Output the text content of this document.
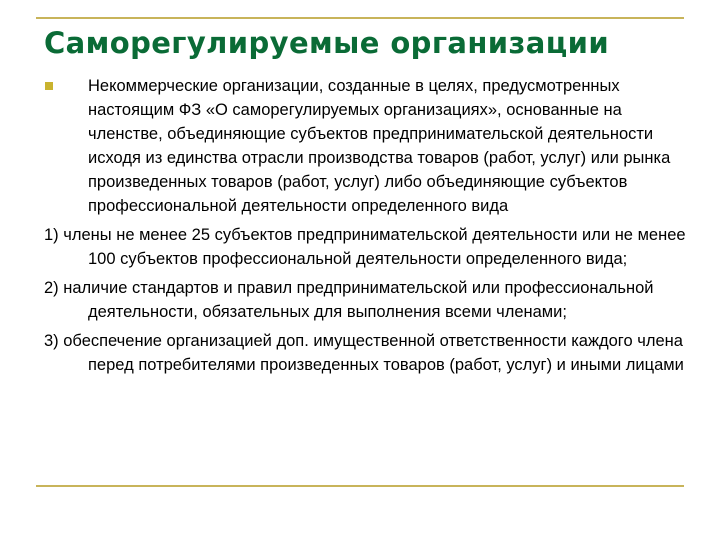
Саморегулируемые организации
Некоммерческие организации, созданные в целях, предусмотренных настоящим ФЗ «О саморегулируемых организациях», основанные на членстве, объединяющие субъектов предпринимательской деятельности исходя из единства отрасли производства товаров (работ, услуг) или рынка произведенных товаров (работ, услуг) либо объединяющие субъектов профессиональной деятельности определенного вида
1) члены не менее 25 субъектов предпринимательской деятельности или не менее 100 субъектов профессиональной деятельности определенного вида;
2) наличие стандартов и правил предпринимательской или профессиональной деятельности, обязательных для выполнения всеми членами;
3) обеспечение организацией доп. имущественной ответственности каждого члена перед потребителями произведенных товаров (работ, услуг) и иными лицами
